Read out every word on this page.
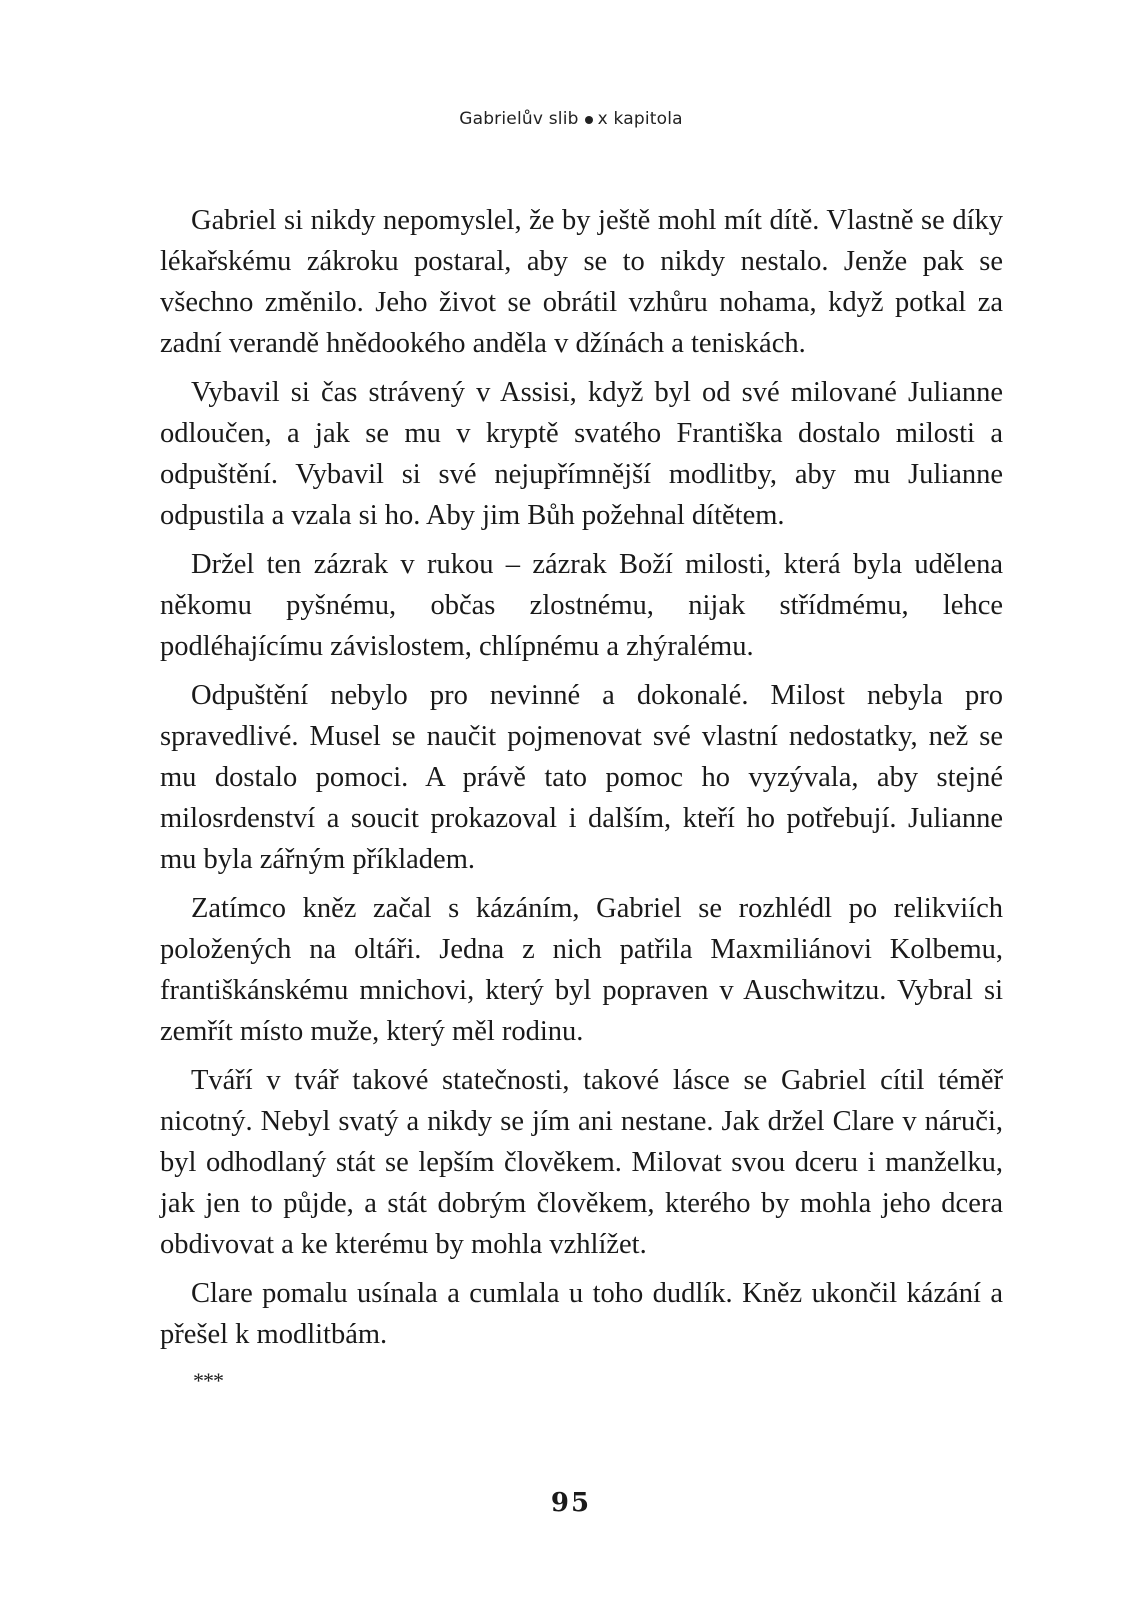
Gabrielův slib x kapitola

Gabriel si nikdy nepomyslel, že by ještě mohl mít dítě. Vlastně se díky lékařskému zákroku postaral, aby se to nikdy nestalo. Jenže pak se všechno změnilo. Jeho život se obrátil vzhůru nohama, když potkal za zadní verandě hnědookého anděla v džínách a teniskách.

Vybavil si čas strávený v Assisi, když byl od své milované Julianne odloučen, a jak se mu v kryptě svatého Františka dostalo milosti a odpuštění. Vybavil si své nejupřímnější modlitby, aby mu Julianne odpustila a vzala si ho. Aby jim Bůh požehnal dítětem.

Držel ten zázrak v rukou – zázrak Boží milosti, která byla udělena někomu pyšnému, občas zlostnému, nijak střídmému, lehce podléhajícímu závislostem, chlípnému a zhýralému.

Odpuštění nebylo pro nevinné a dokonalé. Milost nebyla pro spravedlivé. Musel se naučit pojmenovat své vlastní nedostatky, než se mu dostalo pomoci. A právě tato pomoc ho vyzývala, aby stejné milosrdenství a soucit prokazoval i dalším, kteří ho potřebují. Julianne mu byla zářným příkladem.

Zatímco kněz začal s kázáním, Gabriel se rozhlédl po relikviích položených na oltáři. Jedna z nich patřila Maxmiliánovi Kolbemu, františkánskému mnichovi, který byl popraven v Auschwitzu. Vybral si zemřít místo muže, který měl rodinu.

Tváří v tvář takové statečnosti, takové lásce se Gabriel cítil téměř nicotný. Nebyl svatý a nikdy se jím ani nestane. Jak držel Clare v náruči, byl odhodlaný stát se lepším člověkem. Milovat svou dceru i manželku, jak jen to půjde, a stát dobrým člověkem, kterého by mohla jeho dcera obdivovat a ke kterému by mohla vzhlížet.

Clare pomalu usínala a cumlala u toho dudlík. Kněz ukončil kázání a přešel k modlitbám.

***
95
